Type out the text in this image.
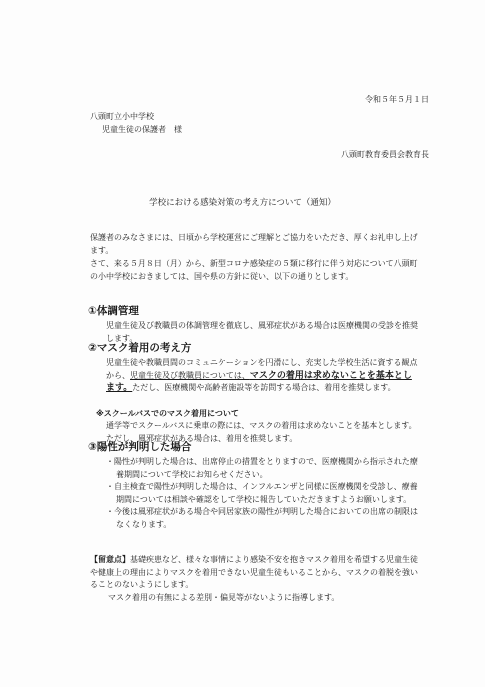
令和５年５月１日
八頭町立小中学校
児童生徒の保護者　様
八頭町教育委員会教育長
学校における感染対策の考え方について（通知）
保護者のみなさまには、日頃から学校運営にご理解とご協力をいただき、厚くお礼申し上げます。
さて、来る５月８日（月）から、新型コロナ感染症の５類に移行に伴う対応について八頭町の小中学校におきましては、国や県の方針に従い、以下の通りとします。
①体調管理
児童生徒及び教職員の体調管理を徹底し、風邪症状がある場合は医療機関の受診を推奨します。
②マスク着用の考え方
児童生徒や教職員間のコミュニケーションを円滑にし、充実した学校生活に資する観点から、児童生徒及び教職員については、マスクの着用は求めないことを基本とします。ただし、医療機関や高齢者施設等を訪問する場合は、着用を推奨します。
※スクールバスでのマスク着用について
通学等でスクールバスに乗車の際には、マスクの着用は求めないことを基本とします。ただし、風邪症状がある場合は、着用を推奨します。
③陽性が判明した場合
・陽性が判明した場合は、出席停止の措置をとりますので、医療機関から指示された療養期間について学校にお知らせください。
・自主検査で陽性が判明した場合は、インフルエンザと同様に医療機関を受診し、療養期間については相談や確認をして学校に報告していただきますようお願いします。
・今後は風邪症状がある場合や同居家族の陽性が判明した場合においての出席の制限はなくなります。
【留意点】基礎疾患など、様々な事情により感染不安を抱きマスク着用を希望する児童生徒や健康上の理由によりマスクを着用できない児童生徒もいることから、マスクの着脱を強いることのないようにします。
マスク着用の有無による差別・偏見等がないように指導します。
